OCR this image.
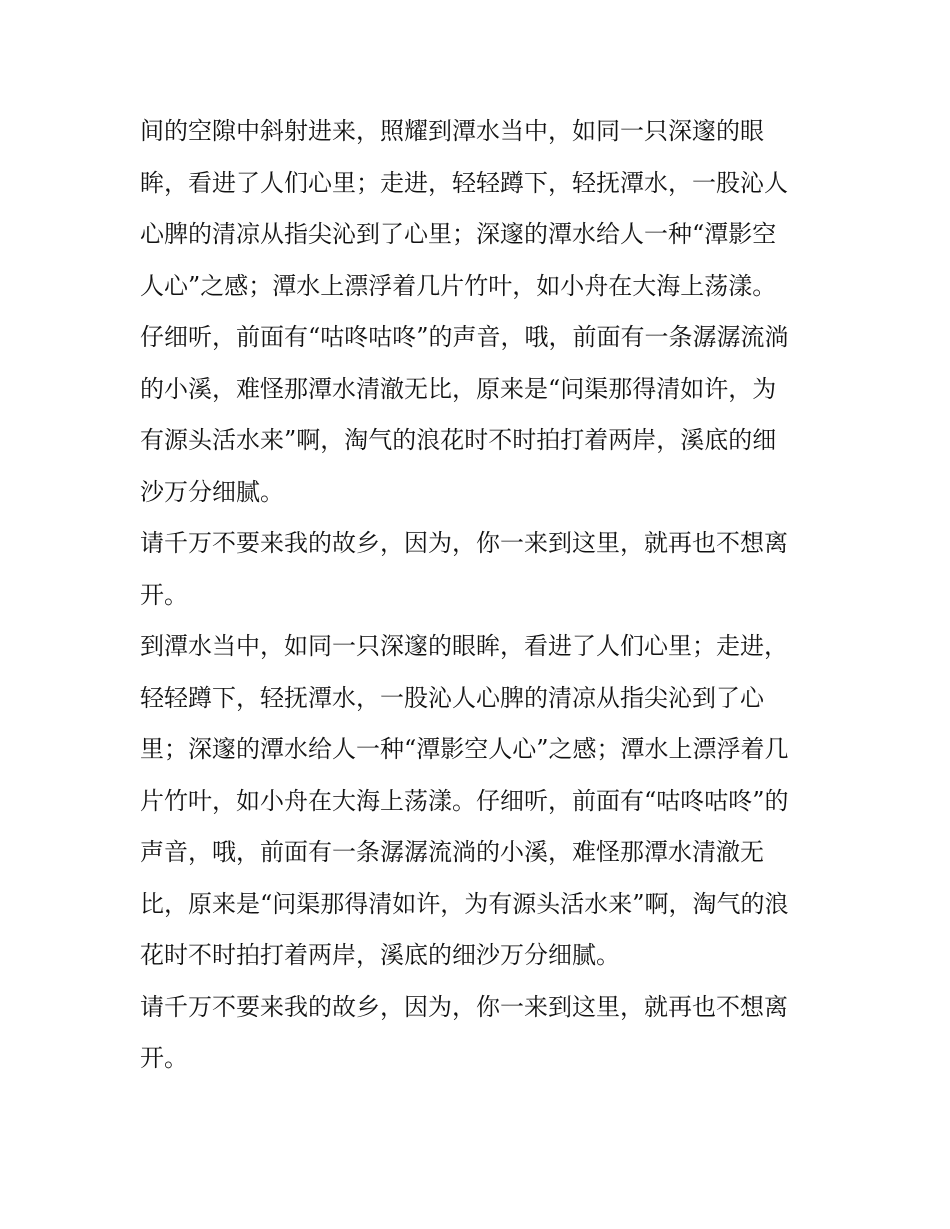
间的空隙中斜射进来，照耀到潭水当中，如同一只深邃的眼
眸，看进了人们心里；走进，轻轻蹲下，轻抚潭水，一股沁人
心脾的清凉从指尖沁到了心里；深邃的潭水给人一种“潭影空
人心”之感；潭水上漂浮着几片竹叶，如小舟在大海上荡漾。
仔细听，前面有“咕咚咕咚”的声音，哦，前面有一条潺潺流淌
的小溪，难怪那潭水清澈无比，原来是“问渠那得清如许，为
有源头活水来”啊，淘气的浪花时不时拍打着两岸，溪底的细
沙万分细腻。

请千万不要来我的故乡，因为，你一来到这里，就再也不想离
开。

到潭水当中，如同一只深邃的眼眸，看进了人们心里；走进，
轻轻蹲下，轻抚潭水，一股沁人心脾的清凉从指尖沁到了心
里；深邃的潭水给人一种“潭影空人心”之感；潭水上漂浮着几
片竹叶，如小舟在大海上荡漾。仔细听，前面有“咕咚咕咚”的
声音，哦，前面有一条潺潺流淌的小溪，难怪那潭水清澈无
比，原来是“问渠那得清如许，为有源头活水来”啊，淘气的浪
花时不时拍打着两岸，溪底的细沙万分细腻。

请千万不要来我的故乡，因为，你一来到这里，就再也不想离
开。
